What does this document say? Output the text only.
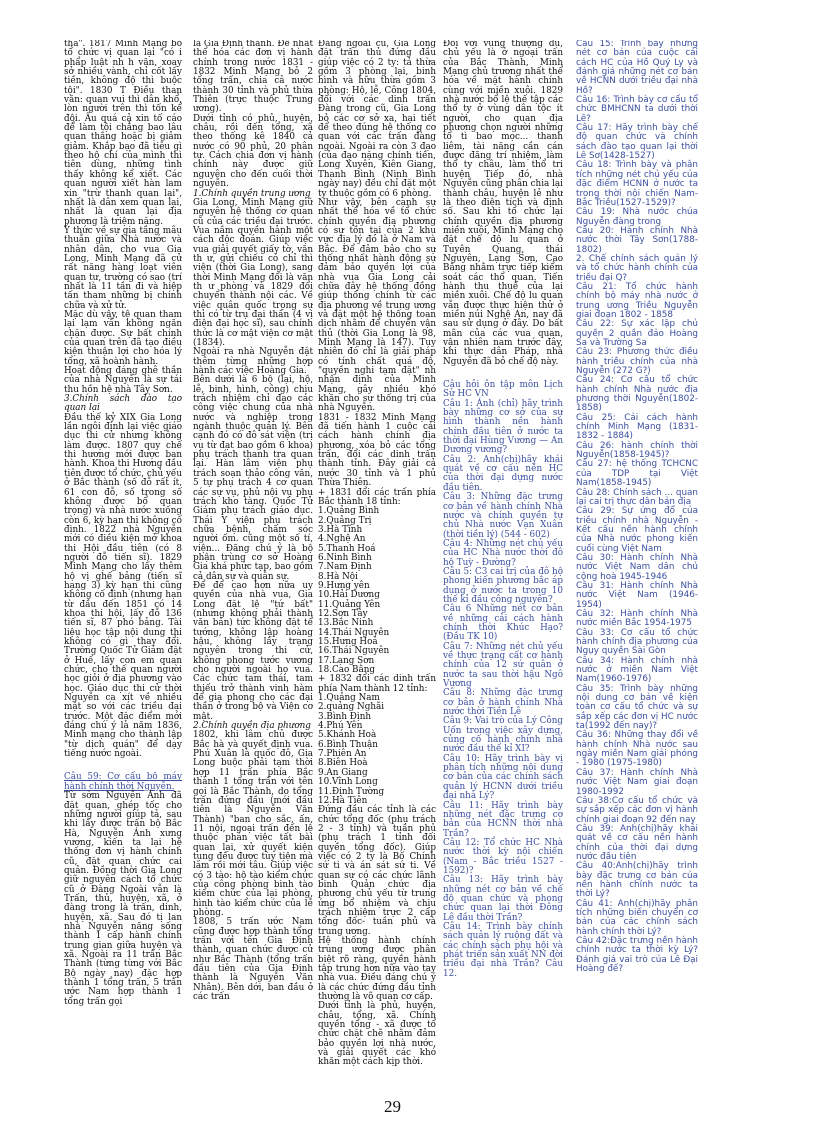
tha". 1817 Minh Mạng bỏ tổ chức vị quan lại "có i phẩp luật nh h văn, xoay sở nhiều vành, chỉ cốt lấy tiền, không độ thì buộc tội". 1830 T Điều than văn: quan vui thì dân khổ, lòn người trên thì tốn kể đội. Ấu quá cả xin tố cáo để làm tội chẳng bao lâu quan thắng hoặc bị giảm giảm. Khắp bạo đã tiêu gì theo hộ chí của mình thì tiên dùng, những tình thấy không kể xiết. Các quan người xiết hàn lam xin "trừ thanh quan lại", nhất là dân xem quan lại, nhất là quan lại địa phương là triệm nặng.

Ý thức về sự gia tăng mâu thuẫn giữa Nhà nước và nhân dân, cho vua Gia Long, Minh Mạng đã cử rất năng hàng loạt viên quan tư, trường có sao (trí nhất là 11 tần đi và hiệp tấn tham những bị chính chữa và xử tử.

Mặc dù vậy, tệ quan tham lại lạm vẫn không ngăn chặn được. Sự bất chính của quan trên đã tạo điều kiện thuận lợi cho hóa lý tổng, xã hoành hành.

Hoạt động đáng ghê thần của nhà Nguyễn là sự tái thu hồn hệ nhà Tây Sơn.

3.Chính sách đào tạo quan lại

Đầu thế kỷ XIX Gia Long lần ngôi định lại việc giáo dục thi cử nhưng không làm được. 1807 quy chế thi hương mới được ban hành. Khoa thi Hương đầu tiên được tổ chức, chủ yếu ở Bắc thành (số đỗ rất ít, 61 con đỗ, số trong số không được bổ quan trọng) và nhà nước xuống còn 6, kỳ hạn thi không cố định. 1822 nhà Nguyễn mới có điều kiện mở khoa thi Hội đầu tiên (có 8 người đỗ tiến sĩ). 1829 Minh Mạng cho lấy thêm hộ vị ghế bảng (tiến sĩ hạng 3) kỳ hạn thi cũng không cố định (nhưng hạn từ đầu đến 1851 có 14 khoa thi hội, lấy đỗ 136 tiến sĩ, 87 phó bảng. Tài liệu học tập nội dung thi không có gì thay đổi. Trường Quốc Tử Giám đặt ở Huế, lấy con em quan chức, cho thế quan người học giỏi ở địa phương vào học. Giáo dục thi cử thời Nguyễn ca xít về nhiều mặt so với các triều đại trước. Một đặc điểm mới đáng chú ý là năm 1836, Minh mạng cho thành lập "từ dịch quán" để dạy tiếng nước ngoài.

Câu 59: Cơ cấu bộ máy hành chính thời Nguyễn.

Từ sớm Nguyễn Ánh đã đặt quan, ghép tốc cho những người giúp tả, sau khi lấy được trấn bộ Bắc Hà, Nguyễn Ánh xưng vương, kiến ta lại hệ thống đơn vị hành chính cũ, đặt quan chức cai quản. Đồng thời Gia Long giữ nguyên cách tổ chức cũ ở Đàng Ngoài vẫn là Trấn, thủ, huyện, xã, ở đàng trong là trấn, dinh, huyện, xã. Sau đó tị lan nhà Nguyễn năng sống thành 1 cấp hành chính trung gian giữa huyện và xã. Ngoài ra 11 trấn Bắc Thành (từng từng với Bắc Bộ ngày nay) đặc hợp thành 1 tổng trấn, 5 trấn ước Nam hợp thành 1 tổng trấn gọi

là Gia Định thành. Để nhất thể hóa các đơn vị hành chính trong nước 1831 - 1832 Minh Mạng bỏ 2 tổng trấn, chia cả nước thành 30 tỉnh và phủ thừa Thiên (trực thuộc Trung ương).

Dưới tỉnh có phủ, huyện, châu, rồi đến tổng, xã theo thống kê 1840 cả nước có 90 phủ, 20 phân tự. Cách chia đơn vị hành chính này được giữ nguyên cho đến cuối thời nguyễn.

1.Chính quyền trung ương

Gia Long, Minh Mạng giữ nguyên hệ thống cơ quan cũ của các triều đại trước. Vua nắm quyền hành một cách độc đoán. Giúp việc vua giải quyết giấy tờ, văn th ư, gửi chiếu có chỉ thì viện (thời Gia Long), sang thời Minh Mạng đổi là văn th ư phòng và 1829 đổi chuyển thành nội các. Về việc quân quốc trọng sự thì có từ trụ đại thần (4 vị điện đại học sĩ), sau chính thức là cơ mật viện cơ mật (1834).

Ngoài ra nhà Nguyễn đặt thêm từng những hợp hành các việc Hoàng Gia.

Bên dưới là 6 bộ (lại, hộ, lễ, binh, hình, công) chịu trách nhiệm chỉ đạo các công việc chung của nhà nước và nghiệp trong ngành thuộc quản lý. Bên cạnh đó có đô sát viện (trị vụ từ đạt bao gồm 6 khoa) phụ trách thanh tra quan lại. Hàn lâm viện phụ trách soạn thảo công văn, 5 tự phụ trách 4 cơ quan các sự vụ, phủ nội vụ phụ trách kho tàng. Quốc Tử Giám phụ trách giáo dục. Thái Y viện phụ trách chữa bệnh, chăm sóc người ốm. cũng một số tí, viện... Đăng chú ý là bộ phận trùng cơ sở Hoàng Gia khá phức tạp, bao gồm cả dân sự và quân sự.

Để để cao hơn nữa uy quyền của nhà vua, Gia Long đặt lệ "tứ bất" (nhưng không phải thành văn bản) tức không đặt tể tướng, không lập hoàng hậu, không lấy trạng nguyên trong thi cử, không phong tước vương cho người ngoài họ vua. Các chức tam thái, tam thiếu trở thành vinh hàm để gia phong cho các đại thần ở trong bộ và Viện cơ mật.

2.Chính quyền địa phương

1802, khi lâm chủ được Bắc hà và quyết định vua. Phú Xuân là quốc đô, Gia Long buộc phải tạm thời hợp 11 trấn phía Bắc thành 1 tổng trấn với tên gọi là Bắc Thành, do tổng trấn đứng đầu (mới đầu tiên là Nguyễn Văn Thành) "ban cho sắc, ấn, 11 nội, ngoại trấn đến lệ thuộc phán việc tất bài quan lại, xử quyết kiện tụng đều được tùy tiện mà làm rồi mới tâu. Giúp việc có 3 tào: hộ tào kiểm chức của công phòng binh tào kiểm chức của lại phòng, hình tào kiểm chức của lễ phòng.

1808, 5 trấn ước Nam cũng được hợp thành tổng trấn với tên Gia Định thành, quan chức được cử như Bắc Thành (tổng trấn đầu tiên của Gia Định thành là Nguyễn Văn Nhân). Bên dới, ban đầu ở các trấn

Đàng ngoài cũ, Gia Long đặt trấn thủ đứng đầu giúp việc có 2 ty: tả thừa gồm 3 phòng lại, binh hình và hữu thừa gồm 3 phòng: Hộ, lễ, Công 1804, đổi với các dinh trấn Đàng trong cũ, Gia Long bỏ các cơ sở xa, hai tiết để theo đúng hệ thống cơ quan với các trấn đàng ngoài. Ngoài ra còn 3 đạo (của đạo nặng chính tiền, Long Xuyên, Kiên Giang, Thanh Bình (Ninh Bình ngày nay) đều chỉ đặt một ty thuộc gồm có 6 phòng.

Như vậy, bên cạnh sự nhất thể hóa về tổ chức chính quyền địa phương có sự tồn tại của 2 khu vực địa lý đó là ở Nam và Bắc. Để đảm bảo cho sự thống nhất hành động sự đảm bảo quyền lợi của nhà vua Gia Long cải chữa đây hệ thống đồng giúp thống chính từ các địa phương về trung ương và đặt một hệ thống toan dịch nhằm để chuyển vận thủ (thời Gia Long là 98, Minh Mạng là 147). Tuy nhiên đó chỉ là giải pháp có tính chất quá độ, "quyền nghi tạm đặt" nh nhận định của Minh Mạng, gây nhiều khó khăn cho sự thống trị của nhà Nguyễn.

1831 - 1832 Minh Mạng đã tiến hành 1 cuộc cải cách hành chính địa phương, xóa bỏ các tổng trấn, đổi các dinh trấn thành tỉnh. Đây giải cả nước 30 tỉnh và 1 phủ Thừa Thiên.

+ 1831 đổi các trấn phía Bắc thành 18 tỉnh:

1.Quảng Bình
2.Quảng Trị
3.Hà Tĩnh
4.Nghệ An
5.Thanh Hoá
6.Ninh Bình
7.Nam Định
8.Hà Nội
9.Hưng yên
10.Hải Dương
11.Quảng Yên
12.Sơn Tây
13.Bắc Ninh
14.Thái Nguyên
15.Hưng Hoá
16.Thái Nguyên
17.Lạng Sơn
18.Cao Bằng

+ 1832 đổi các dinh trấn phía Nam thành 12 tỉnh:

1.Quảng Nam
2.quảng Nghãi
3.Bình Định
4.Phú Yên
5.Khánh Hoà
6.Bình Thuận
7.Phiên An
8.Biên Hoà
9.An Giang
10.Vĩnh Long
11.Định Tường
12.Hà Tiên

Đứng đầu các tỉnh là các chức tổng đốc (phụ trách 2 - 3 tỉnh) và tuần phủ (phụ trách 1 tỉnh đối quyền tổng đốc). Giúp việc có 2 ty là Bố Chính sứ ti và án sát sứ ti. Về quan sự có các chức lãnh binh Quản chức địa phương chủ yếu từ trung ứng bổ nhiệm và chịu trách nhiệm trực 2 cấp tổng đốc- tuần phủ và trung ương.

Hệ thống hành chính trung ương được phân biệt rõ ràng, quyền hành tập trung hơn nữa vào tay nhà vua. Điều đáng chú ý là các chức đứng đầu tỉnh thường là võ quan cơ cấp.

Dưới tỉnh là phủ, huyện, châu, tổng, xã. Chính quyền tổng - xã được tổ chức chặt chẽ nhằm đảm bảo quyền lợi nhà nước, và giải quyết các khó khăn một cách kịp thời.

Đối với vùng thượng du, chủ yếu là ở ngoại trấn của Bắc Thành, Minh Mạng chủ trương nhất thể hóa về mặt hành chính cùng với miền xuôi. 1829 nhà nước bổ lệ thế tập các thổ ty ở vùng dân tộc ít người, cho quan địa phương chọn người những tổ tì bao mọc... thanh liêm, tài năng cần cán được đăng trí nhiệm, làm thổ ty châu, làm thổ tri huyện Tiếp đó, nhà Nguyễn cũng phân chia lại thành châu, huyện lẻ như là theo điện tích và định số. Sau khi tổ chức lại chính quyền địa phương miền xuôi, Minh Mạng cho đặt chế độ lu quan ở Tuyên Quang, thái Nguyên, Lạng Sơn, Cao Bằng nhằm trực tiếp kiểm soát các thổ quan. Tiến hành thu thuế của lại miền xuôi. Chế độ lu quan vẫn được thực hiện thử ở miền núi Nghệ An, nay đã sau sử dụng ở đây. Do bất mãn của các vua quan, vận nhiên nam trước đây, khi thực dân Pháp, nhà Nguyễn đã bỏ chế độ này.

Câu hỏi ôn tập môn Lịch Sử HC VN

Câu 1: Ánh (chỉ) hãy trình bày những cơ sở của sự hình thành nền hành chính đầu tiên ở nước ta thời đại Hùng Vương — An Dương vương?
Câu 2: Anh(chị)hãy khái quát về cơ cấu nền HC của thời đại dựng nước đầu tiên.
Câu 3: Những đặc trưng cơ bản về hành chính Nhà nước và chính quyền tự chủ Nhà nước Vạn Xuân (thời tiền lý) (544 - 602)
Câu 4: Những nét chủ yếu của HC Nhà nước thời đô hộ Tuỳ - Đường?
Câu 5: C3 cai trị của đô hộ phong kiến phương bắc áp dụng ở nước ta trong 10 thế kỉ đầu công nguyên?
Câu 6 Những nét cơ bản về những cải cách hành chính thời Khúc Hạo? (Đầu TK 10)
Câu 7: Những nét chủ yếu về thực trạng cất cơ hành chính của 12 sứ quân ở nước ta sau thời hậu Ngô Vương
Câu 8: Những đặc trưng cơ bản ở hành chính Nhà nước thời Tiền Lê
Câu 9: Vai trò của Lý Công Uốn trong việc xây dựng, củng cố hành chính nhà nước đầu thế kỉ XI?
Câu 10: Hãy trình bày vị phân tích những nội dung cơ bản của các chính sách quản lý HCNN dưới triều đại nhà Lý?
Câu 11: Hãy trình bày những nét đặc trưng cơ bản của HCNN thời nhà Trần?
Câu 12: Tổ chức HC Nhà nước thời kỳ nội chiến (Nam - Bắc triều 1527 - 1592)?
Câu 13: Hãy trình bày những nét cơ bản về chế độ quan chức và phong chức quan lại thời Đông Lê đầu thời Trần?
Câu 14: Trình bày chính sách quản lý ruộng đất và các chính sách phụ hội và phát triển sản xuất NN đời triều đại nhà Trần? Câu 12.

Câu 15: Trình bày những nét cơ bản của cuộc cải cách HC của Hồ Quý Ly và đánh giá những nét cơ bản về HCNN dưới triều đại nhà Hồ?
Câu 16: Trình bày cơ cấu tổ chức BMHCNN ta dưới thời Lê?
Câu 17: Hãy trình bày chế độ quan chức và chính sách đào tạo quan lại thời Lê Sơ(1428-1527)
Câu 18: Trình bày và phân tích những nét chủ yếu của đặc điểm HCNN ở nước ta trong thời nội chiến Nam-Bắc Triều(1527-1529)?
Câu 19: Nhà nước chúa Nguyễn đàng trong
Câu 20: Hành chính Nhà nước thời Tây Sơn(1788-1802)
2. Chế chính sách quản lý và tổ chức hành chính của triều đại Q?
Câu 21: Tổ chức hành chính bộ máy nhà nước ở trung ương Triều Nguyễn giai đoạn 1802 - 1858
Câu 22: Sự xác lập chủ quyền 2 quần đảo Hoàng Sa và Trường Sa
Câu 23: Phương thức điều hành triều chính của nhà Nguyễn (272 G?)
Câu 24: Cơ cấu tổ chức hành chính Nhà nước địa phương thời Nguyễn(1802-1858)
Câu 25: Cải cách hành chính Minh Mạng (1831-1832 - 1884)
Câu 26: hành chính thời Nguyễn(1858-1945)?
Câu 27: hệ thống TCHCNC của TDP tại Việt Nam(1858-1945)
Câu 28: Chính sách ... quan lại cai trị thực dân bản địa
Câu 29: Sự ứng đổ của triều chính nhà Nguyễn - Kết cấu nền hành chính của Nhà nước phong kiến cuối cùng Việt Nam
Câu 30: Hành chính Nhà nước Việt Nam dân chủ cộng hoà 1945-1946
Câu 31: Hành chính Nhà nước Việt Nam (1946-1954)
Câu 32: Hành chính Nhà nước miền Bắc 1954-1975
Câu 33: Cơ cấu tổ chức hành chính địa phương của Ngụy quyền Sài Gòn
Câu 34: Hành chính nhà nước ở miền Nam Việt Nam(1960-1976)
Câu 35: Trình bày những nội dung cơ bản về kiện toàn cơ cấu tổ chức và sự sắp xếp các đơn vị HC nước ta(1992 đến nay)?
Câu 36: Những thay đổi về hành chính Nhà nước sau ngày miền Nam giải phóng - 1980 (1975-1980)
Câu 37: Hành chính Nhà nước Việt Nam giai đoạn 1980-1992
Câu 38:Cơ cấu tổ chức và sự sắp xếp các đơn vị hành chính giai đoạn 92 đến nay
Câu 39: Anh(chị)hãy khái quát về cơ cấu nền hành chính của thời đại dựng nước đầu tiên
Câu 40:Anh(chị)hãy trình bày đặc trưng cơ bản của nền hành chính nước ta thời Lý?
Câu 41: Anh(chị)hãy phân tích những biến chuyển cơ bản của các chính sách hành chính thời Lý?
Câu 42:Đặc trưng nền hành chính nước ta thời kỳ Lý? Đánh giá vai trò của Lê Đại Hoàng đế?

29
